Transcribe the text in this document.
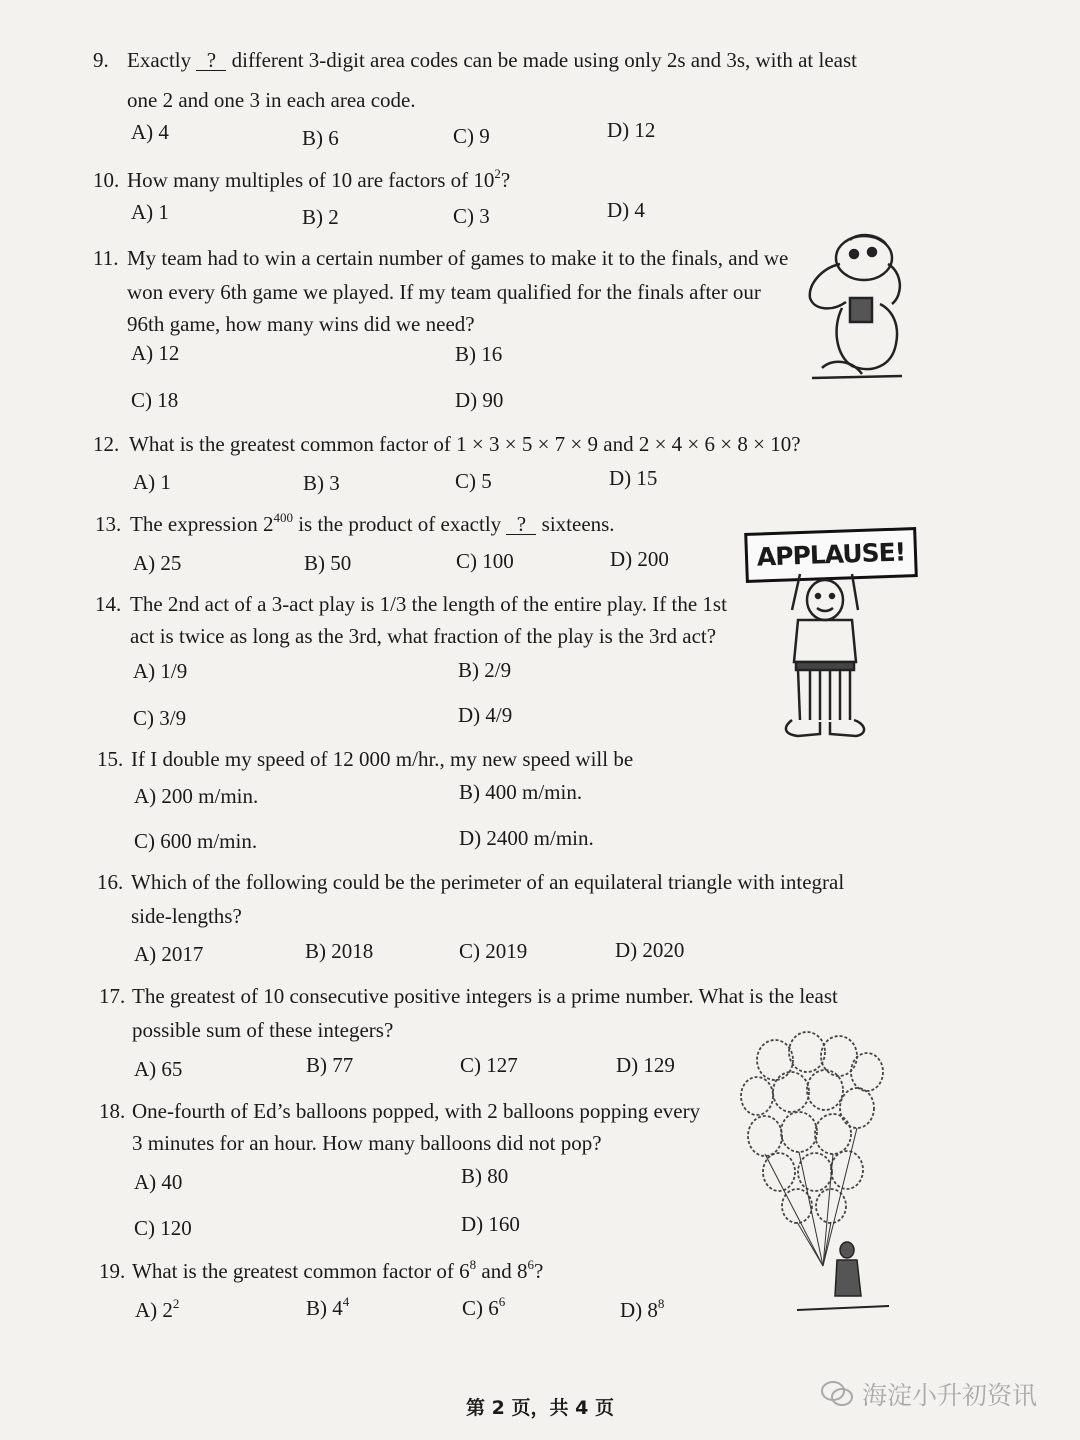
9. Exactly ? different 3-digit area codes can be made using only 2s and 3s, with at least
one 2 and one 3 in each area code.
A) 4	B) 6	C) 9	D) 12
10. How many multiples of 10 are factors of $10^2$?
A) 1	B) 2	C) 3	D) 4
11. My team had to win a certain number of games to make it to the finals, and we
won every 6th game we played. If my team qualified for the finals after our
96th game, how many wins did we need?
A) 12	B) 16
C) 18	D) 90
12. What is the greatest common factor of 1 × 3 × 5 × 7 × 9 and 2 × 4 × 6 × 8 × 10?
A) 1	B) 3	C) 5	D) 15
13. The expression $2^{400}$ is the product of exactly ? sixteens.
A) 25	B) 50	C) 100	D) 200	APPLAUSE!
14. The 2nd act of a 3-act play is 1/3 the length of the entire play. If the 1st
act is twice as long as the 3rd, what fraction of the play is the 3rd act?
A) 1/9	B) 2/9
C) 3/9	D) 4/9
15. If I double my speed of 12 000 m/hr., my new speed will be
A) 200 m/min.	B) 400 m/min.
C) 600 m/min.	D) 2400 m/min.
16. Which of the following could be the perimeter of an equilateral triangle with integral
side-lengths?
A) 2017	B) 2018	C) 2019	D) 2020
17. The greatest of 10 consecutive positive integers is a prime number. What is the least
possible sum of these integers?
A) 65	B) 77	C) 127	D) 129
18. One-fourth of Ed’s balloons popped, with 2 balloons popping every
3 minutes for an hour. How many balloons did not pop?
A) 40	B) 80
C) 120	D) 160
19. What is the greatest common factor of $6^8$ and $8^6$?
A) $2^2$	B) $4^4$	C) $6^6$	D) $8^8$
第 2 页，共 4 页	海淀小升初资讯
